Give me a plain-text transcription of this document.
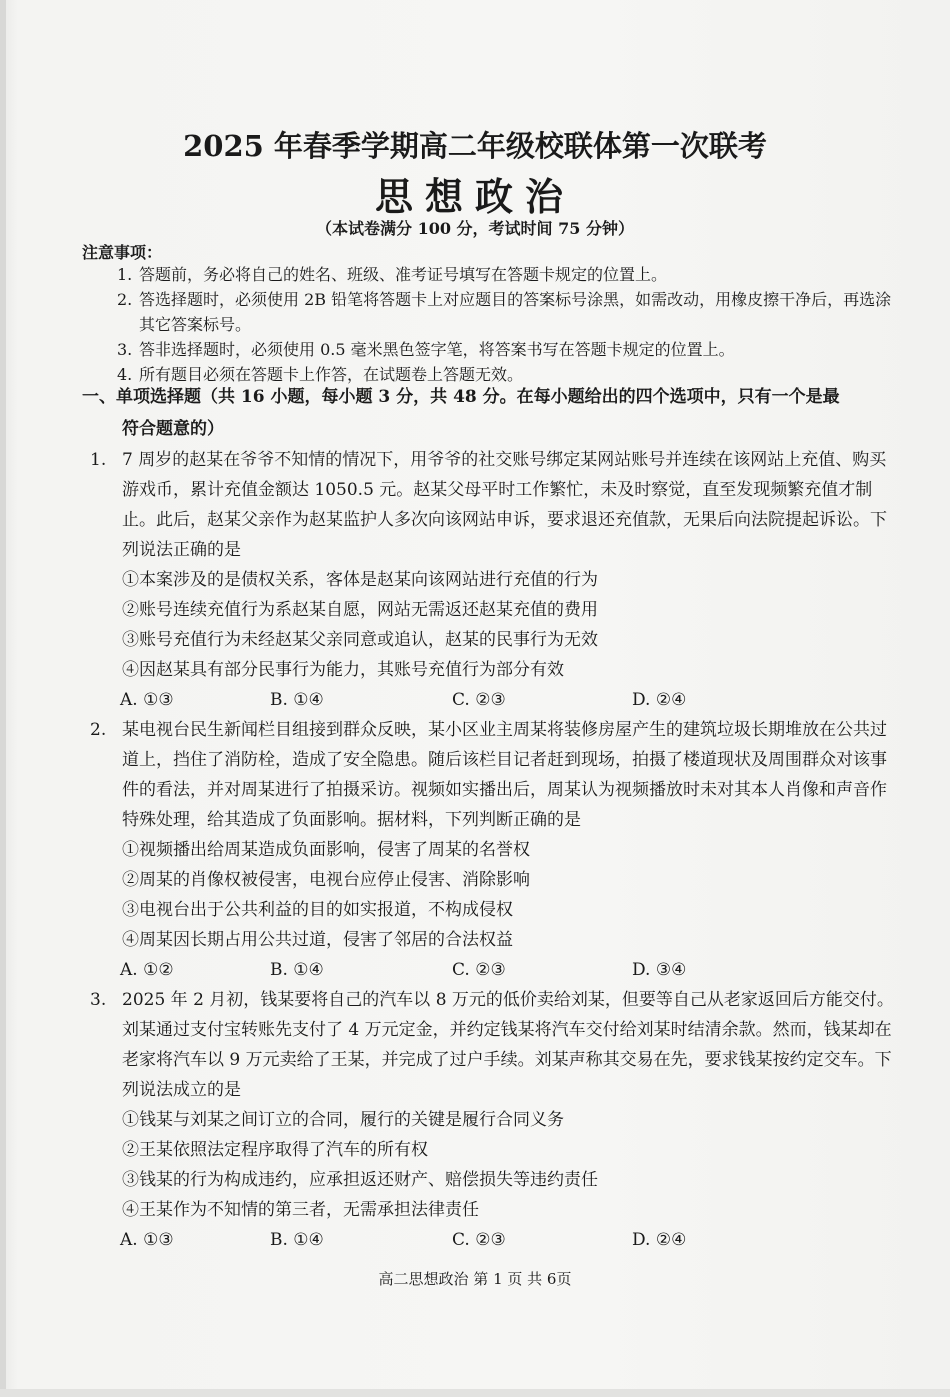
2025 年春季学期高二年级校联体第一次联考
思想政治
（本试卷满分 100 分，考试时间 75 分钟）
注意事项：
1. 答题前，务必将自己的姓名、班级、准考证号填写在答题卡规定的位置上。
2. 答选择题时，必须使用 2B 铅笔将答题卡上对应题目的答案标号涂黑，如需改动，用橡皮擦干净后，再选涂其它答案标号。
3. 答非选择题时，必须使用 0.5 毫米黑色签字笔，将答案书写在答题卡规定的位置上。
4. 所有题目必须在答题卡上作答，在试题卷上答题无效。
一、单项选择题（共 16 小题，每小题 3 分，共 48 分。在每小题给出的四个选项中，只有一个是最
符合题意的）
1. 7 周岁的赵某在爷爷不知情的情况下，用爷爷的社交账号绑定某网站账号并连续在该网站上充值、购买游戏币，累计充值金额达 1050.5 元。赵某父母平时工作繁忙，未及时察觉，直至发现频繁充值才制止。此后，赵某父亲作为赵某监护人多次向该网站申诉，要求退还充值款，无果后向法院提起诉讼。下列说法正确的是
①本案涉及的是债权关系，客体是赵某向该网站进行充值的行为
②账号连续充值行为系赵某自愿，网站无需返还赵某充值的费用
③账号充值行为未经赵某父亲同意或追认，赵某的民事行为无效
④因赵某具有部分民事行为能力，其账号充值行为部分有效
A. ①③	B. ①④	C. ②③	D. ②④
2. 某电视台民生新闻栏目组接到群众反映，某小区业主周某将装修房屋产生的建筑垃圾长期堆放在公共过道上，挡住了消防栓，造成了安全隐患。随后该栏目记者赶到现场，拍摄了楼道现状及周围群众对该事件的看法，并对周某进行了拍摄采访。视频如实播出后，周某认为视频播放时未对其本人肖像和声音作特殊处理，给其造成了负面影响。据材料，下列判断正确的是
①视频播出给周某造成负面影响，侵害了周某的名誉权
②周某的肖像权被侵害，电视台应停止侵害、消除影响
③电视台出于公共利益的目的如实报道，不构成侵权
④周某因长期占用公共过道，侵害了邻居的合法权益
A. ①②	B. ①④	C. ②③	D. ③④
3. 2025 年 2 月初，钱某要将自己的汽车以 8 万元的低价卖给刘某，但要等自己从老家返回后方能交付。刘某通过支付宝转账先支付了 4 万元定金，并约定钱某将汽车交付给刘某时结清余款。然而，钱某却在老家将汽车以 9 万元卖给了王某，并完成了过户手续。刘某声称其交易在先，要求钱某按约定交车。下列说法成立的是
①钱某与刘某之间订立的合同，履行的关键是履行合同义务
②王某依照法定程序取得了汽车的所有权
③钱某的行为构成违约，应承担返还财产、赔偿损失等违约责任
④王某作为不知情的第三者，无需承担法律责任
A. ①③	B. ①④	C. ②③	D. ②④
高二思想政治 第 1 页 共 6页
